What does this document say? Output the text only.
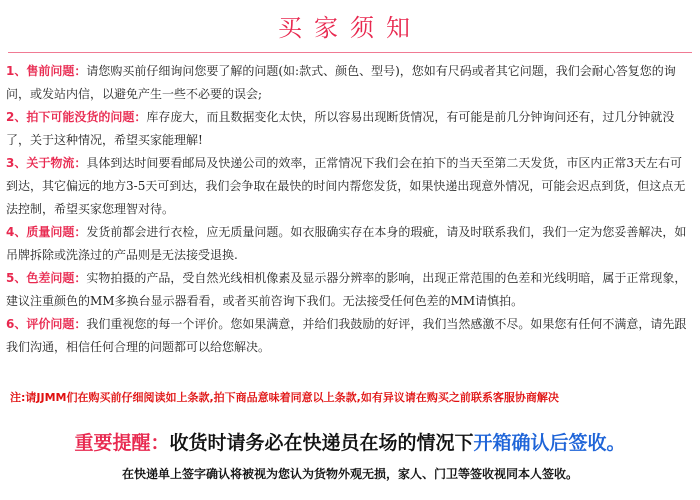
买家须知

1、售前问题：请您购买前仔细询问您要了解的问题(如:款式、颜色、型号)，您如有尺码或者其它问题，我们会耐心答复您的询问，或发站内信，以避免产生一些不必要的误会;

2、拍下可能没货的问题：库存庞大，而且数据变化太快，所以容易出现断货情况，有可能是前几分钟询问还有，过几分钟就没了，关于这种情况，希望买家能理解!

3、关于物流：具体到达时间要看邮局及快递公司的效率，正常情况下我们会在拍下的当天至第二天发货，市区内正常3天左右可到达，其它偏远的地方3-5天可到达，我们会争取在最快的时间内帮您发货，如果快递出现意外情况，可能会迟点到货，但这点无法控制，希望买家您理智对待。

4、质量问题：发货前都会进行衣检，应无质量问题。如衣服确实存在本身的瑕疵，请及时联系我们，我们一定为您妥善解决，如吊牌拆除或洗涤过的产品则是无法接受退换.

5、色差问题：实物拍摄的产品，受自然光线相机像素及显示器分辨率的影响，出现正常范围的色差和光线明暗，属于正常现象，建议注重颜色的MM多换台显示器看看，或者买前咨询下我们。无法接受任何色差的MM请慎拍。

6、评价问题：我们重视您的每一个评价。您如果满意，并给们我鼓励的好评，我们当然感激不尽。如果您有任何不满意，请先跟我们沟通，相信任何合理的问题都可以给您解决。

注:请JJMM们在购买前仔细阅读如上条款,拍下商品意味着同意以上条款,如有异议请在购买之前联系客服协商解决
重要提醒：收货时请务必在快递员在场的情况下开箱确认后签收。
在快递单上签字确认将被视为您认为货物外观无损，家人、门卫等签收视同本人签收。
